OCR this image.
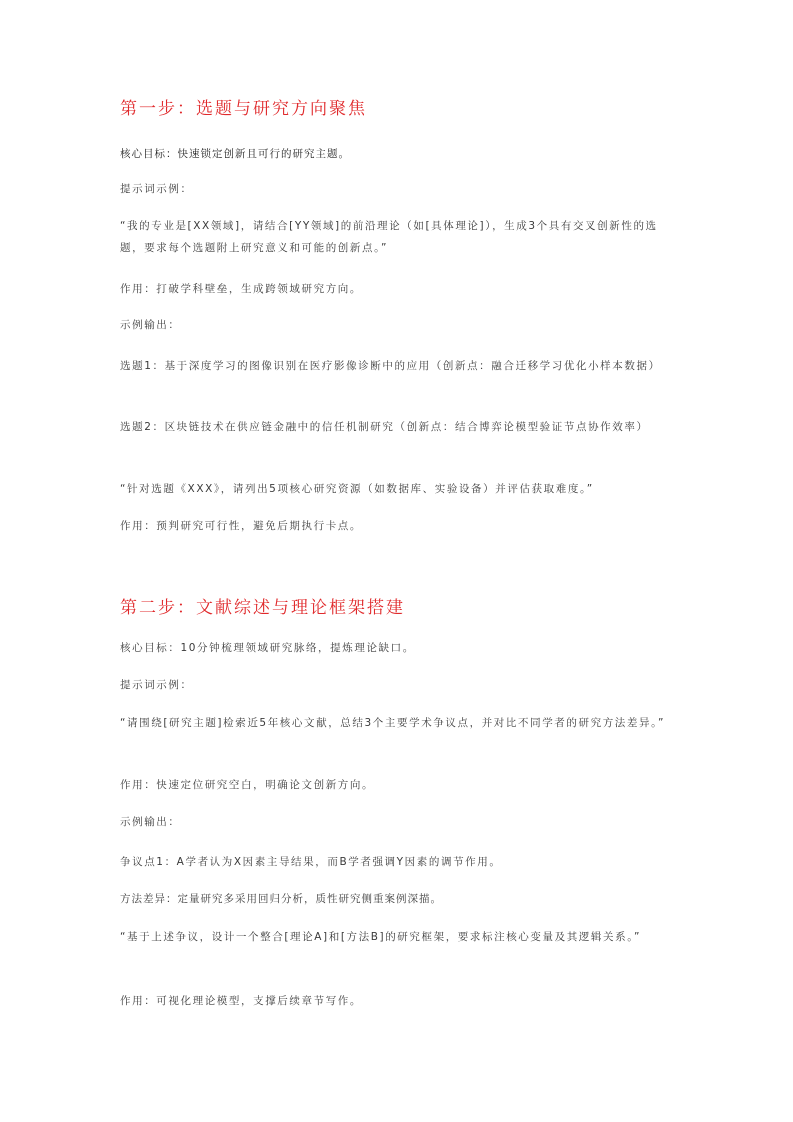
第一步：选题与研究方向聚焦

核心目标：快速锁定创新且可行的研究主题。

提示词示例：

“我的专业是[XX领域]，请结合[YY领域]的前沿理论（如[具体理论]），生成3个具有交叉创新性的选题，要求每个选题附上研究意义和可能的创新点。”

作用：打破学科壁垒，生成跨领域研究方向。

示例输出：

选题1：基于深度学习的图像识别在医疗影像诊断中的应用（创新点：融合迁移学习优化小样本数据）

选题2：区块链技术在供应链金融中的信任机制研究（创新点：结合博弈论模型验证节点协作效率）

“针对选题《XXX》，请列出5项核心研究资源（如数据库、实验设备）并评估获取难度。”

作用：预判研究可行性，避免后期执行卡点。

第二步：文献综述与理论框架搭建

核心目标：10分钟梳理领域研究脉络，提炼理论缺口。

提示词示例：

“请围绕[研究主题]检索近5年核心文献，总结3个主要学术争议点，并对比不同学者的研究方法差异。”

作用：快速定位研究空白，明确论文创新方向。

示例输出：

争议点1：A学者认为X因素主导结果，而B学者强调Y因素的调节作用。

方法差异：定量研究多采用回归分析，质性研究侧重案例深描。

“基于上述争议，设计一个整合[理论A]和[方法B]的研究框架，要求标注核心变量及其逻辑关系。”

作用：可视化理论模型，支撑后续章节写作。
